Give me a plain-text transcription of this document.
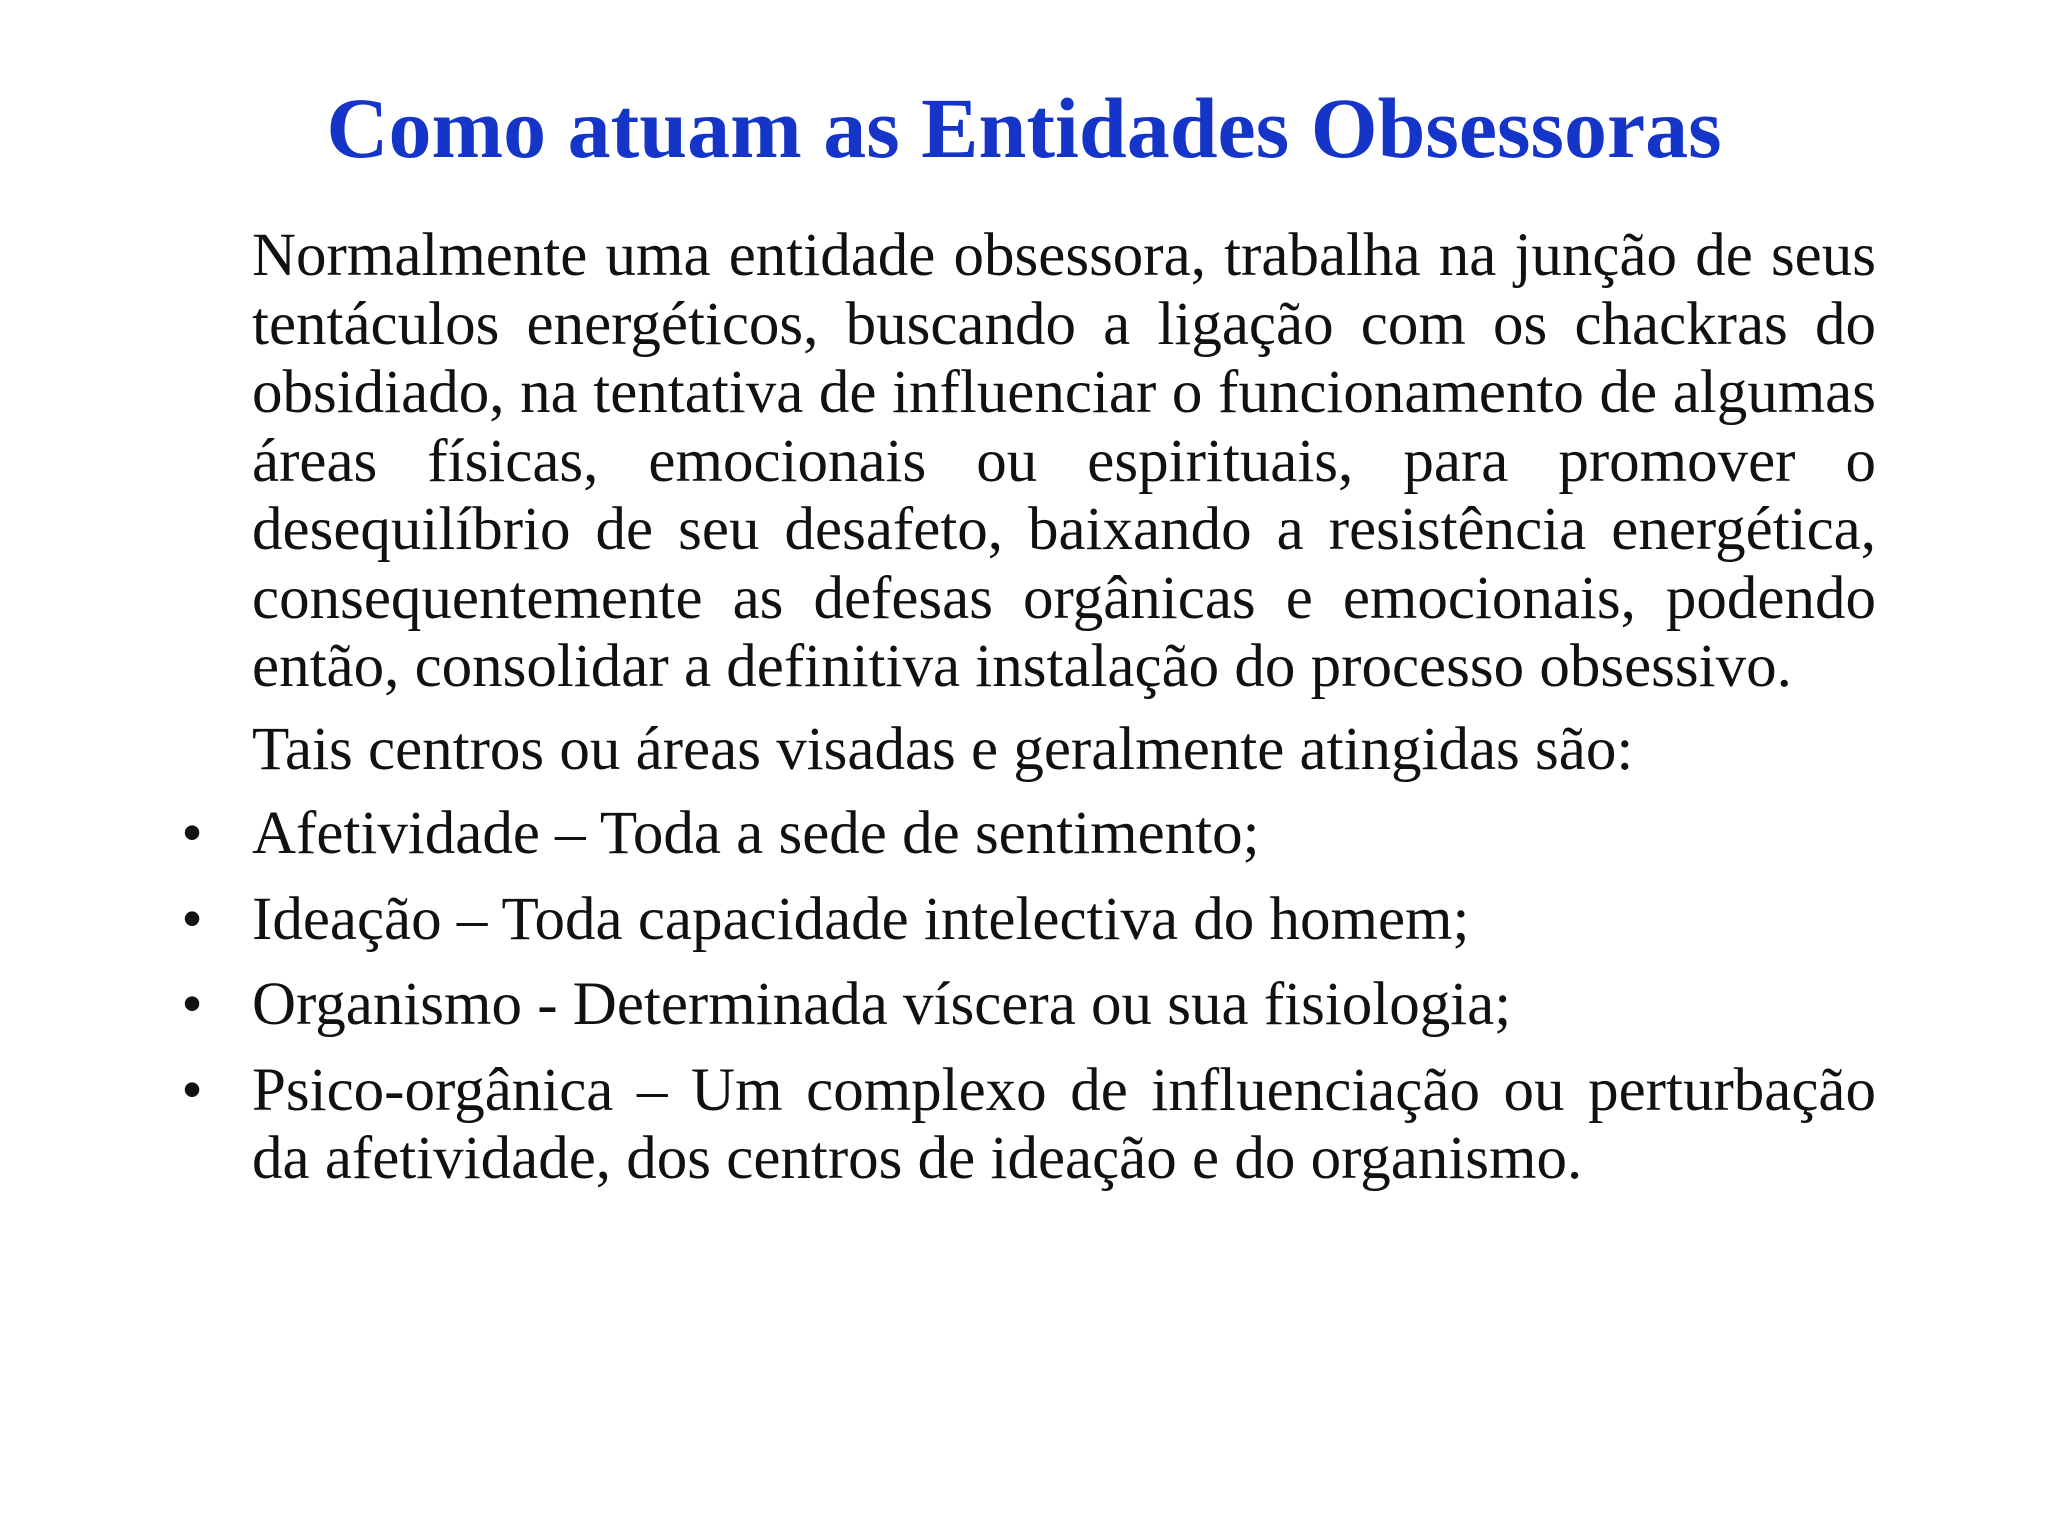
Como atuam as Entidades Obsessoras

Normalmente uma entidade obsessora, trabalha na junção de seus tentáculos energéticos, buscando a ligação com os chackras do obsidiado, na tentativa de influenciar o funcionamento de algumas áreas físicas, emocionais ou espirituais, para promover o desequilíbrio de seu desafeto, baixando a resistência energética, consequentemente as defesas orgânicas e emocionais, podendo então, consolidar a definitiva instalação do processo obsessivo.

Tais centros ou áreas visadas e geralmente atingidas são:

• Afetividade – Toda a sede de sentimento;
• Ideação – Toda capacidade intelectiva do homem;
• Organismo - Determinada víscera ou sua fisiologia;
• Psico-orgânica – Um complexo de influenciação ou perturbação da afetividade, dos centros de ideação e do organismo.
